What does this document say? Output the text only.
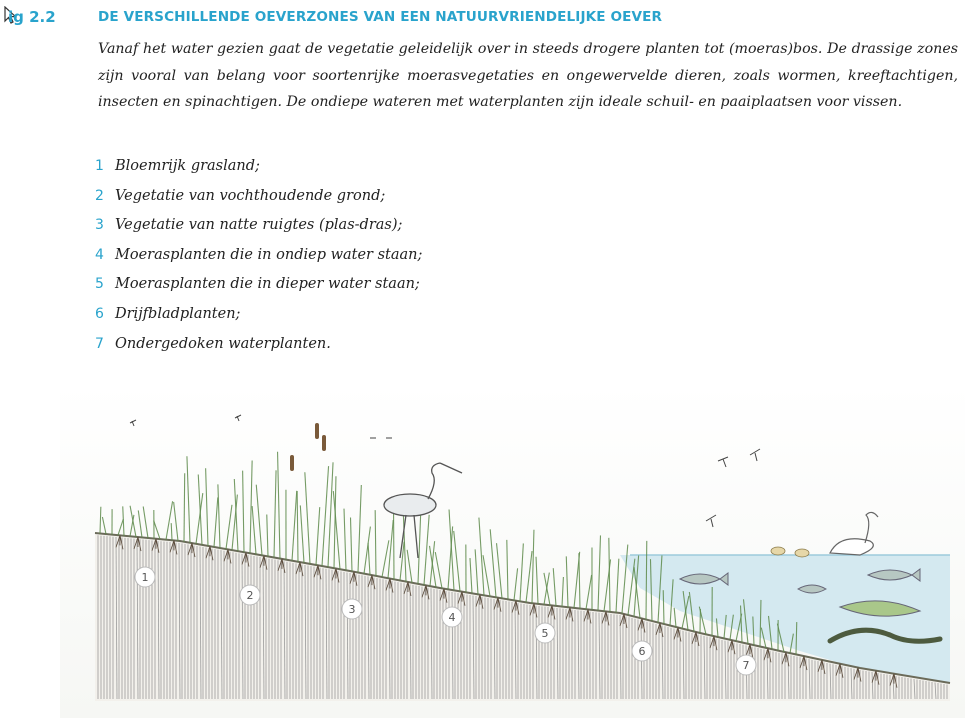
ig 2.2	DE VERSCHILLENDE OEVERZONES VAN EEN NATUURVRIENDELIJKE OEVER

Vanaf het water gezien gaat de vegetatie geleidelijk over in steeds drogere planten tot (moeras)bos. De drassige zones zijn vooral van belang voor soortenrijke moerasvegetaties en ongewervelde dieren, zoals wormen, kreeftachtigen, insecten en spinachtigen. De ondiepe wateren met waterplanten zijn ideale schuil- en paaiplaatsen voor vissen.

1 Bloemrijk grasland;
2 Vegetatie van vochthoudende grond;
3 Vegetatie van natte ruigtes (plas-dras);
4 Moerasplanten die in ondiep water staan;
5 Moerasplanten die in dieper water staan;
6 Drijfbladplanten;
7 Ondergedoken waterplanten.
1
2
3
4
5
6
7
